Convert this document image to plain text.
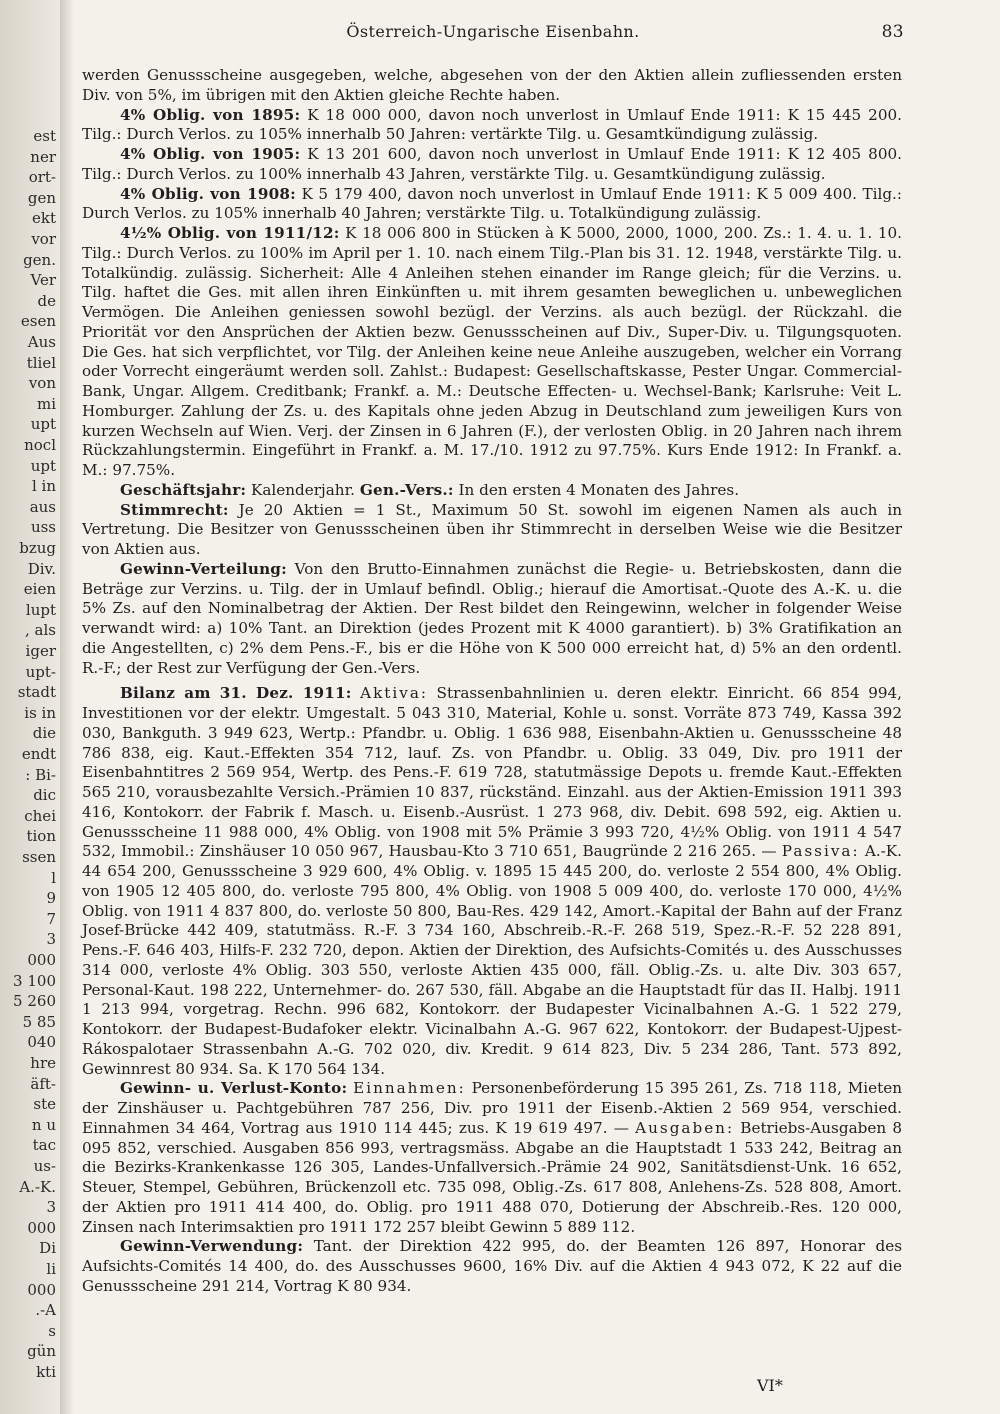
est
ner
ort-
gen
ekt
vor
gen.
Ver
de
esen
Aus
tliel
von
mi
upt
nocl
upt
l in
aus
uss
bzug
Div.
eien
lupt
, als
iger
upt-
stadt
is in
die
endt
: Bi-
dic
chei
tion
ssen
l
9
7
3
000
3 100
5 260
5 85
040
hre
äft-
ste
n u
tac
us-
A.-K.
3
000
Di
li
000
.-A
s
gün
kti
Österreich-Ungarische Eisenbahn.	83

werden Genussscheine ausgegeben, welche, abgesehen von der den Aktien allein zufliessenden ersten Div. von 5%, im übrigen mit den Aktien gleiche Rechte haben.

4% Oblig. von 1895: K 18 000 000, davon noch unverlost in Umlauf Ende 1911: K 15 445 200. Tilg.: Durch Verlos. zu 105% innerhalb 50 Jahren: vertärkte Tilg. u. Gesamtkündigung zulässig.

4% Oblig. von 1905: K 13 201 600, davon noch unverlost in Umlauf Ende 1911: K 12 405 800. Tilg.: Durch Verlos. zu 100% innerhalb 43 Jahren, verstärkte Tilg. u. Gesamtkündigung zulässig.

4% Oblig. von 1908: K 5 179 400, davon noch unverlost in Umlauf Ende 1911: K 5 009 400. Tilg.: Durch Verlos. zu 105% innerhalb 40 Jahren; verstärkte Tilg. u. Totalkündigung zulässig.

4½% Oblig. von 1911/12: K 18 006 800 in Stücken à K 5000, 2000, 1000, 200. Zs.: 1. 4. u. 1. 10. Tilg.: Durch Verlos. zu 100% im April per 1. 10. nach einem Tilg.-Plan bis 31. 12. 1948, verstärkte Tilg. u. Totalkündig. zulässig. Sicherheit: Alle 4 Anleihen stehen einander im Range gleich; für die Verzins. u. Tilg. haftet die Ges. mit allen ihren Einkünften u. mit ihrem gesamten beweglichen u. unbeweglichen Vermögen. Die Anleihen geniessen sowohl bezügl. der Verzins. als auch bezügl. der Rückzahl. die Priorität vor den Ansprüchen der Aktien bezw. Genussscheinen auf Div., Super-Div. u. Tilgungsquoten. Die Ges. hat sich verpflichtet, vor Tilg. der Anleihen keine neue Anleihe auszugeben, welcher ein Vorrang oder Vorrecht eingeräumt werden soll. Zahlst.: Budapest: Gesellschaftskasse, Pester Ungar. Commercial-Bank, Ungar. Allgem. Creditbank; Frankf. a. M.: Deutsche Effecten- u. Wechsel-Bank; Karlsruhe: Veit L. Homburger. Zahlung der Zs. u. des Kapitals ohne jeden Abzug in Deutschland zum jeweiligen Kurs von kurzen Wechseln auf Wien. Verj. der Zinsen in 6 Jahren (F.), der verlosten Oblig. in 20 Jahren nach ihrem Rückzahlungstermin. Eingeführt in Frankf. a. M. 17./10. 1912 zu 97.75%. Kurs Ende 1912: In Frankf. a. M.: 97.75%.

Geschäftsjahr: Kalenderjahr. Gen.-Vers.: In den ersten 4 Monaten des Jahres.

Stimmrecht: Je 20 Aktien = 1 St., Maximum 50 St. sowohl im eigenen Namen als auch in Vertretung. Die Besitzer von Genussscheinen üben ihr Stimmrecht in derselben Weise wie die Besitzer von Aktien aus.

Gewinn-Verteilung: Von den Brutto-Einnahmen zunächst die Regie- u. Betriebskosten, dann die Beträge zur Verzins. u. Tilg. der in Umlauf befindl. Oblig.; hierauf die Amortisat.-Quote des A.-K. u. die 5% Zs. auf den Nominalbetrag der Aktien. Der Rest bildet den Reingewinn, welcher in folgender Weise verwandt wird: a) 10% Tant. an Direktion (jedes Prozent mit K 4000 garantiert). b) 3% Gratifikation an die Angestellten, c) 2% dem Pens.-F., bis er die Höhe von K 500 000 erreicht hat, d) 5% an den ordentl. R.-F.; der Rest zur Verfügung der Gen.-Vers.

Bilanz am 31. Dez. 1911: Aktiva: Strassenbahnlinien u. deren elektr. Einricht. 66 854 994, Investitionen vor der elektr. Umgestalt. 5 043 310, Material, Kohle u. sonst. Vorräte 873 749, Kassa 392 030, Bankguth. 3 949 623, Wertp.: Pfandbr. u. Oblig. 1 636 988, Eisenbahn-Aktien u. Genussscheine 48 786 838, eig. Kaut.-Effekten 354 712, lauf. Zs. von Pfandbr. u. Oblig. 33 049, Div. pro 1911 der Eisenbahntitres 2 569 954, Wertp. des Pens.-F. 619 728, statutmässige Depots u. fremde Kaut.-Effekten 565 210, vorausbezahlte Versich.-Prämien 10 837, rückständ. Einzahl. aus der Aktien-Emission 1911 393 416, Kontokorr. der Fabrik f. Masch. u. Eisenb.-Ausrüst. 1 273 968, div. Debit. 698 592, eig. Aktien u. Genussscheine 11 988 000, 4% Oblig. von 1908 mit 5% Prämie 3 993 720, 4½% Oblig. von 1911 4 547 532, Immobil.: Zinshäuser 10 050 967, Hausbau-Kto 3 710 651, Baugründe 2 216 265. — Passiva: A.-K. 44 654 200, Genussscheine 3 929 600, 4% Oblig. v. 1895 15 445 200, do. verloste 2 554 800, 4% Oblig. von 1905 12 405 800, do. verloste 795 800, 4% Oblig. von 1908 5 009 400, do. verloste 170 000, 4½% Oblig. von 1911 4 837 800, do. verloste 50 800, Bau-Res. 429 142, Amort.-Kapital der Bahn auf der Franz Josef-Brücke 442 409, statutmäss. R.-F. 3 734 160, Abschreib.-R.-F. 268 519, Spez.-R.-F. 52 228 891, Pens.-F. 646 403, Hilfs-F. 232 720, depon. Aktien der Direktion, des Aufsichts-Comités u. des Ausschusses 314 000, verloste 4% Oblig. 303 550, verloste Aktien 435 000, fäll. Oblig.-Zs. u. alte Div. 303 657, Personal-Kaut. 198 222, Unternehmer- do. 267 530, fäll. Abgabe an die Hauptstadt für das II. Halbj. 1911 1 213 994, vorgetrag. Rechn. 996 682, Kontokorr. der Budapester Vicinalbahnen A.-G. 1 522 279, Kontokorr. der Budapest-Budafoker elektr. Vicinalbahn A.-G. 967 622, Kontokorr. der Budapest-Ujpest-Rákospalotaer Strassenbahn A.-G. 702 020, div. Kredit. 9 614 823, Div. 5 234 286, Tant. 573 892, Gewinnrest 80 934. Sa. K 170 564 134.

Gewinn- u. Verlust-Konto: Einnahmen: Personenbeförderung 15 395 261, Zs. 718 118, Mieten der Zinshäuser u. Pachtgebühren 787 256, Div. pro 1911 der Eisenb.-Aktien 2 569 954, verschied. Einnahmen 34 464, Vortrag aus 1910 114 445; zus. K 19 619 497. — Ausgaben: Betriebs-Ausgaben 8 095 852, verschied. Ausgaben 856 993, vertragsmäss. Abgabe an die Hauptstadt 1 533 242, Beitrag an die Bezirks-Krankenkasse 126 305, Landes-Unfallversich.-Prämie 24 902, Sanitätsdienst-Unk. 16 652, Steuer, Stempel, Gebühren, Brückenzoll etc. 735 098, Oblig.-Zs. 617 808, Anlehens-Zs. 528 808, Amort. der Aktien pro 1911 414 400, do. Oblig. pro 1911 488 070, Dotierung der Abschreib.-Res. 120 000, Zinsen nach Interimsaktien pro 1911 172 257 bleibt Gewinn 5 889 112.

Gewinn-Verwendung: Tant. der Direktion 422 995, do. der Beamten 126 897, Honorar des Aufsichts-Comités 14 400, do. des Ausschusses 9600, 16% Div. auf die Aktien 4 943 072, K 22 auf die Genussscheine 291 214, Vortrag K 80 934.

VI*
